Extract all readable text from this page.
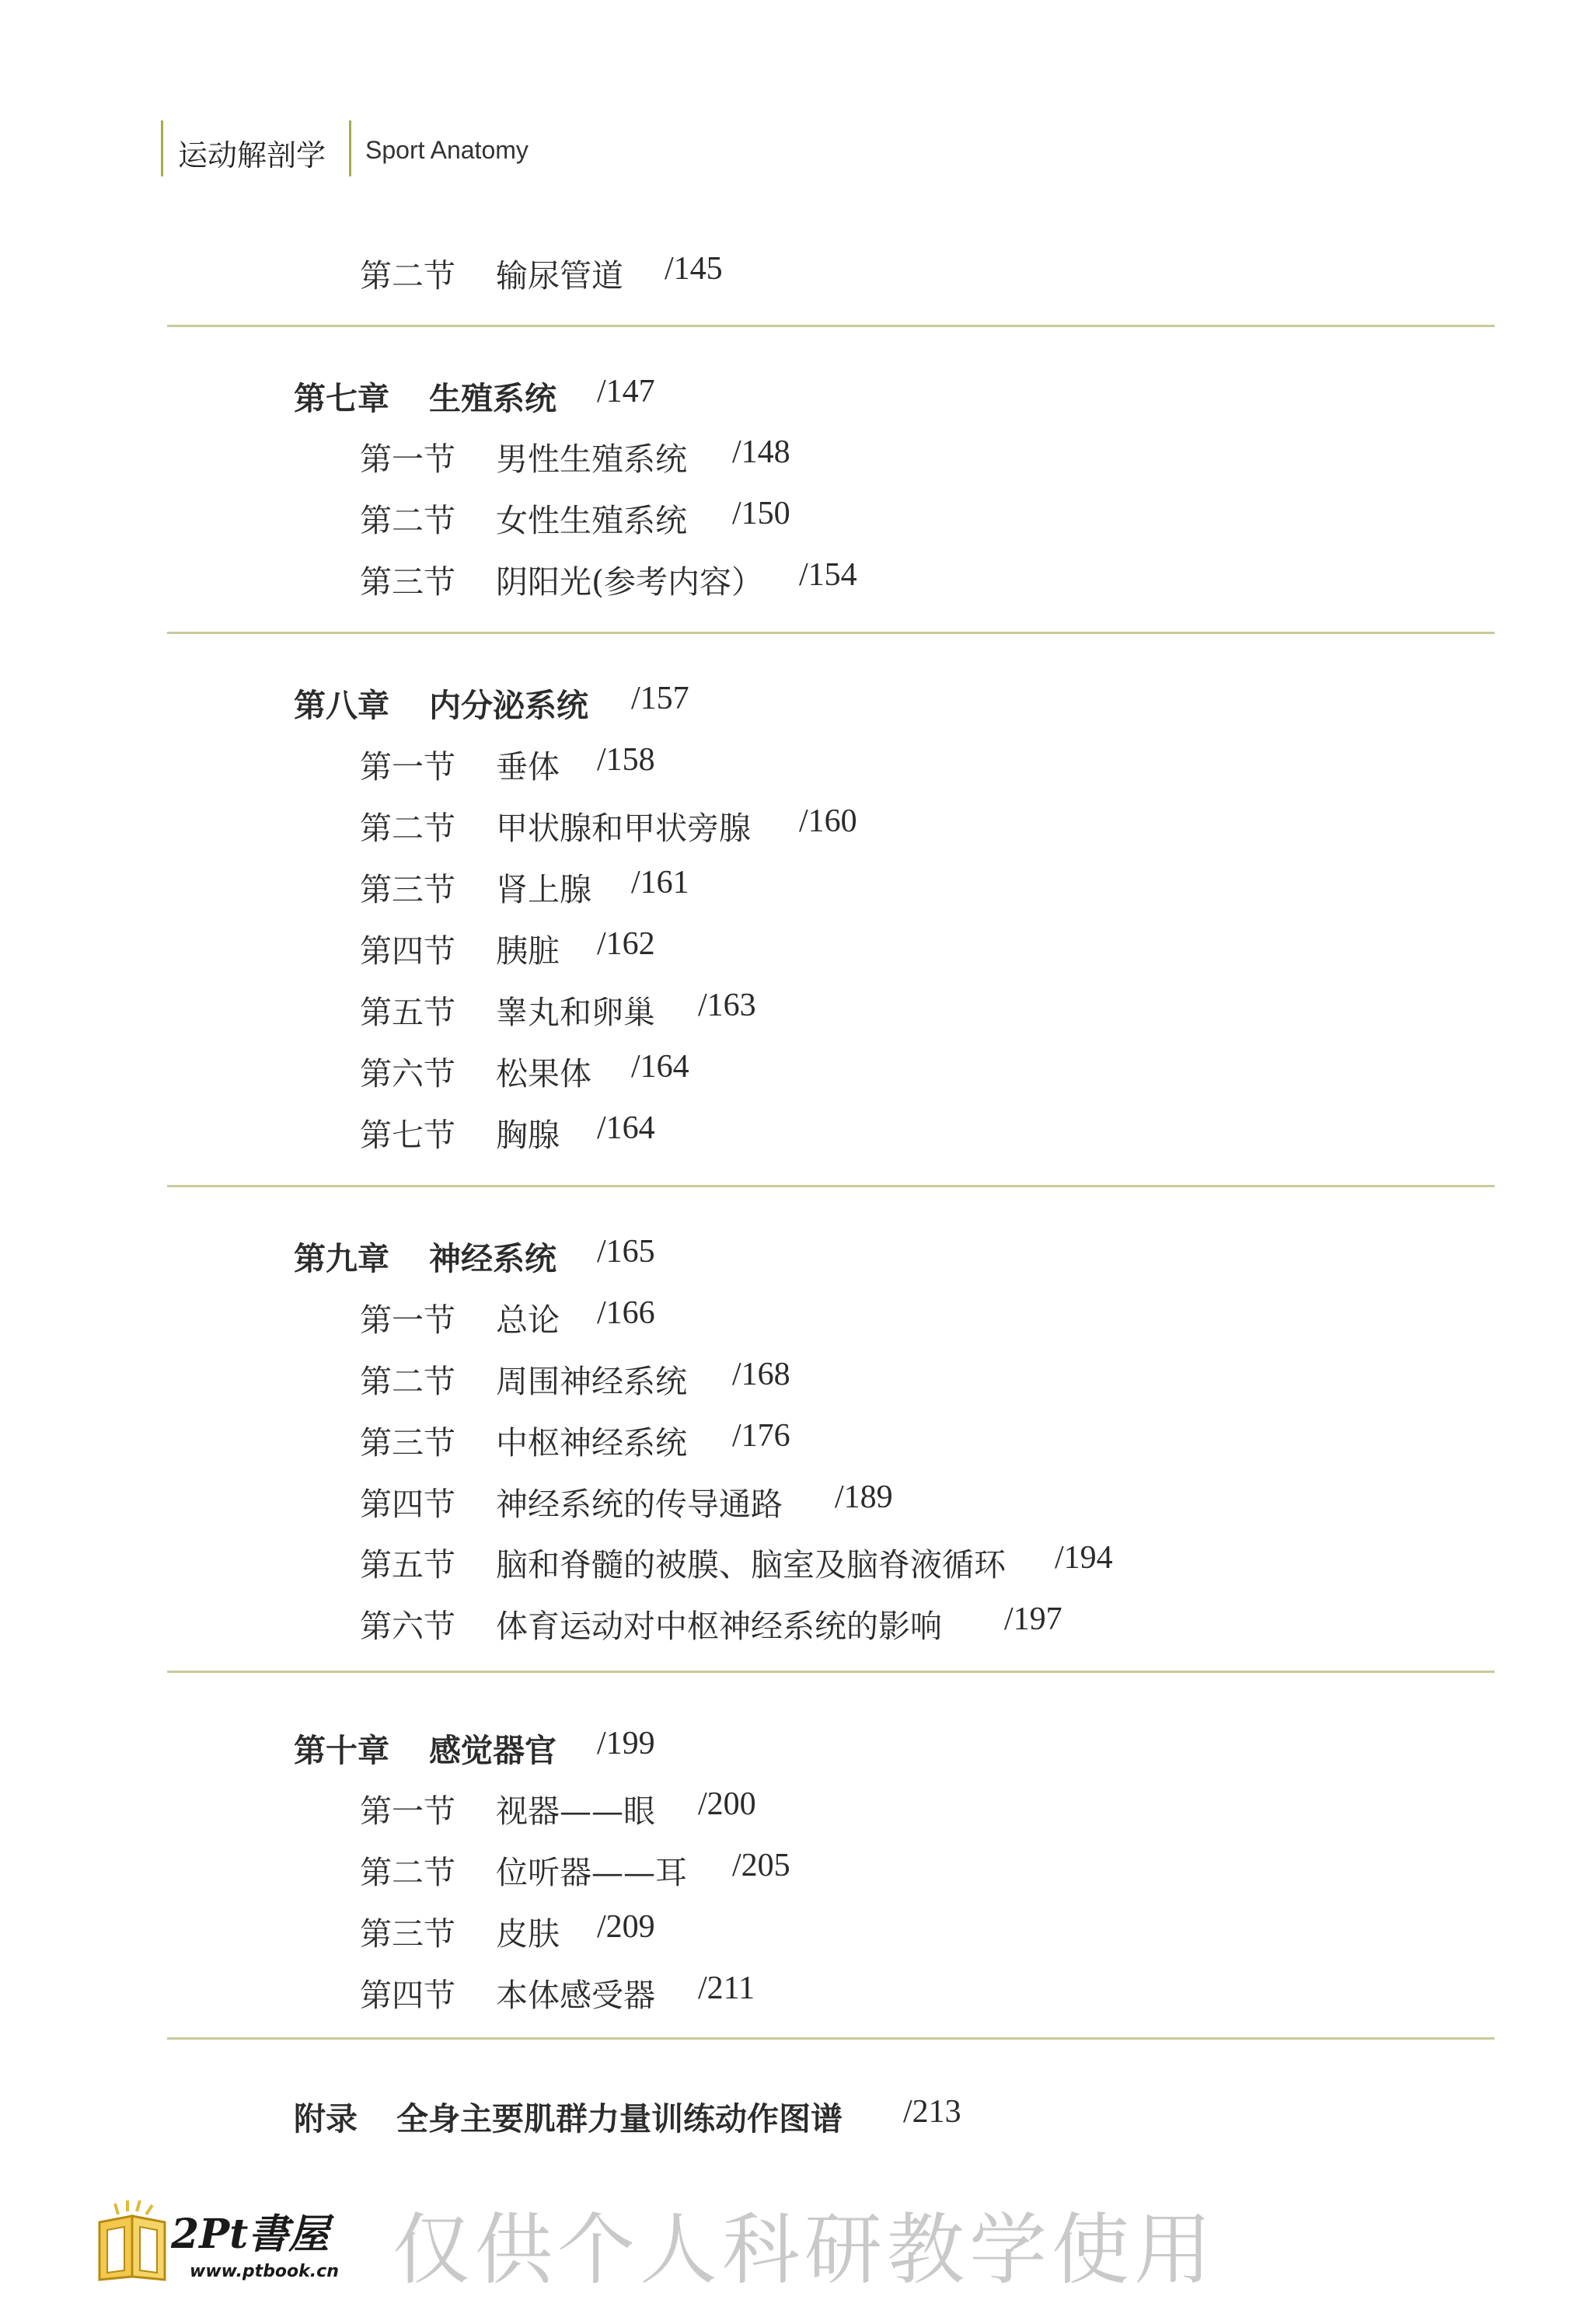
运动解剖学 Sport Anatomy
第二节 输尿管道 /145
第七章 生殖系统 /147
第一节 男性生殖系统 /148
第二节 女性生殖系统 /150
第三节 阴阳光(参考内容） /154
第八章 内分泌系统 /157
第一节 垂体 /158
第二节 甲状腺和甲状旁腺 /160
第三节 肾上腺 /161
第四节 胰脏 /162
第五节 睾丸和卵巢 /163
第六节 松果体 /164
第七节 胸腺 /164
第九章 神经系统 /165
第一节 总论 /166
第二节 周围神经系统 /168
第三节 中枢神经系统 /176
第四节 神经系统的传导通路 /189
第五节 脑和脊髓的被膜、脑室及脑脊液循环 /194
第六节 体育运动对中枢神经系统的影响 /197
第十章 感觉器官 /199
第一节 视器——眼 /200
第二节 位听器——耳 /205
第三节 皮肤 /209
第四节 本体感受器 /211
附录 全身主要肌群力量训练动作图谱 /213
2Pt書屋
www.ptbook.cn 仅供个人科研教学使用
